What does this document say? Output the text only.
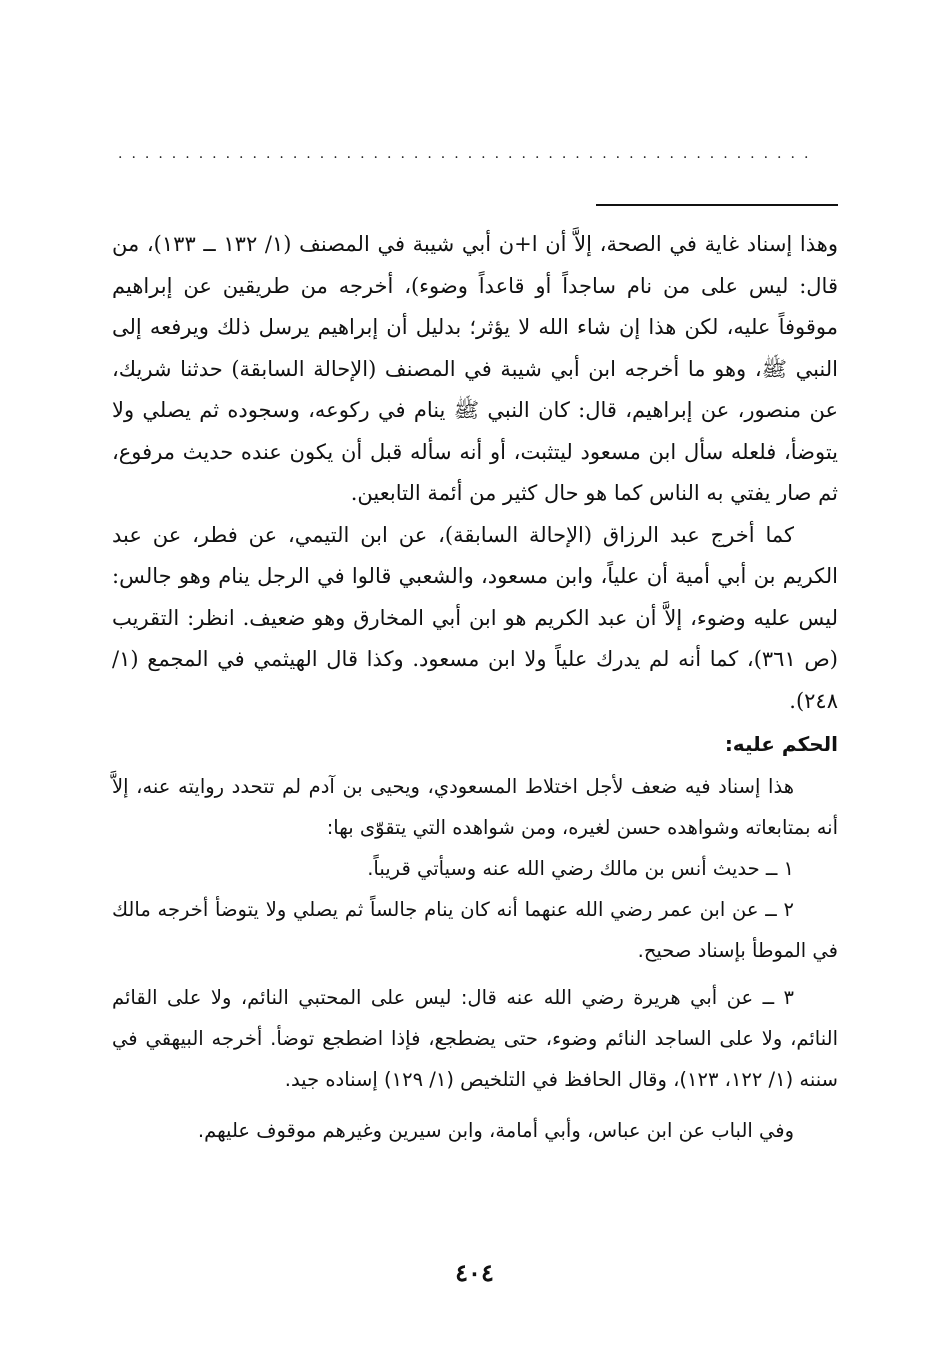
....................................................

وهذا إسناد غاية في الصحة، إلاَّ أن ا+ن أبي شيبة في المصنف (١/ ١٣٢ ــ ١٣٣)، من قال: ليس على من نام ساجداً أو قاعداً وضوء)، أخرجه من طريقين عن إبراهيم موقوفاً عليه، لكن هذا إن شاء الله لا يؤثر؛ بدليل أن إبراهيم يرسل ذلك ويرفعه إلى النبي ﷺ، وهو ما أخرجه ابن أبي شيبة في المصنف (الإحالة السابقة) حدثنا شريك، عن منصور، عن إبراهيم، قال: كان النبي ﷺ ينام في ركوعه، وسجوده ثم يصلي ولا يتوضأ، فلعله سأل ابن مسعود ليتثبت، أو أنه سأله قبل أن يكون عنده حديث مرفوع، ثم صار يفتي به الناس كما هو حال كثير من أئمة التابعين.

كما أخرج عبد الرزاق (الإحالة السابقة)، عن ابن التيمي، عن فطر، عن عبد الكريم بن أبي أمية أن علياً، وابن مسعود، والشعبي قالوا في الرجل ينام وهو جالس: ليس عليه وضوء، إلاَّ أن عبد الكريم هو ابن أبي المخارق وهو ضعيف. انظر: التقريب (ص ٣٦١)، كما أنه لم يدرك علياً ولا ابن مسعود. وكذا قال الهيثمي في المجمع (١/ ٢٤٨).

الحكم عليه:

هذا إسناد فيه ضعف لأجل اختلاط المسعودي، ويحيى بن آدم لم تتحدد روايته عنه، إلاَّ أنه بمتابعاته وشواهده حسن لغيره، ومن شواهده التي يتقوّى بها:

١ ــ حديث أنس بن مالك رضي الله عنه وسيأتي قريباً.

٢ ــ عن ابن عمر رضي الله عنهما أنه كان ينام جالساً ثم يصلي ولا يتوضأ أخرجه مالك في الموطأ بإسناد صحيح.

٣ ــ عن أبي هريرة رضي الله عنه قال: ليس على المحتبي النائم، ولا على القائم النائم، ولا على الساجد النائم وضوء، حتى يضطجع، فإذا اضطجع توضأ. أخرجه البيهقي في سننه (١/ ١٢٢، ١٢٣)، وقال الحافظ في التلخيص (١/ ١٢٩) إسناده جيد.

وفي الباب عن ابن عباس، وأبي أمامة، وابن سيرين وغيرهم موقوف عليهم.

٤٠٤
